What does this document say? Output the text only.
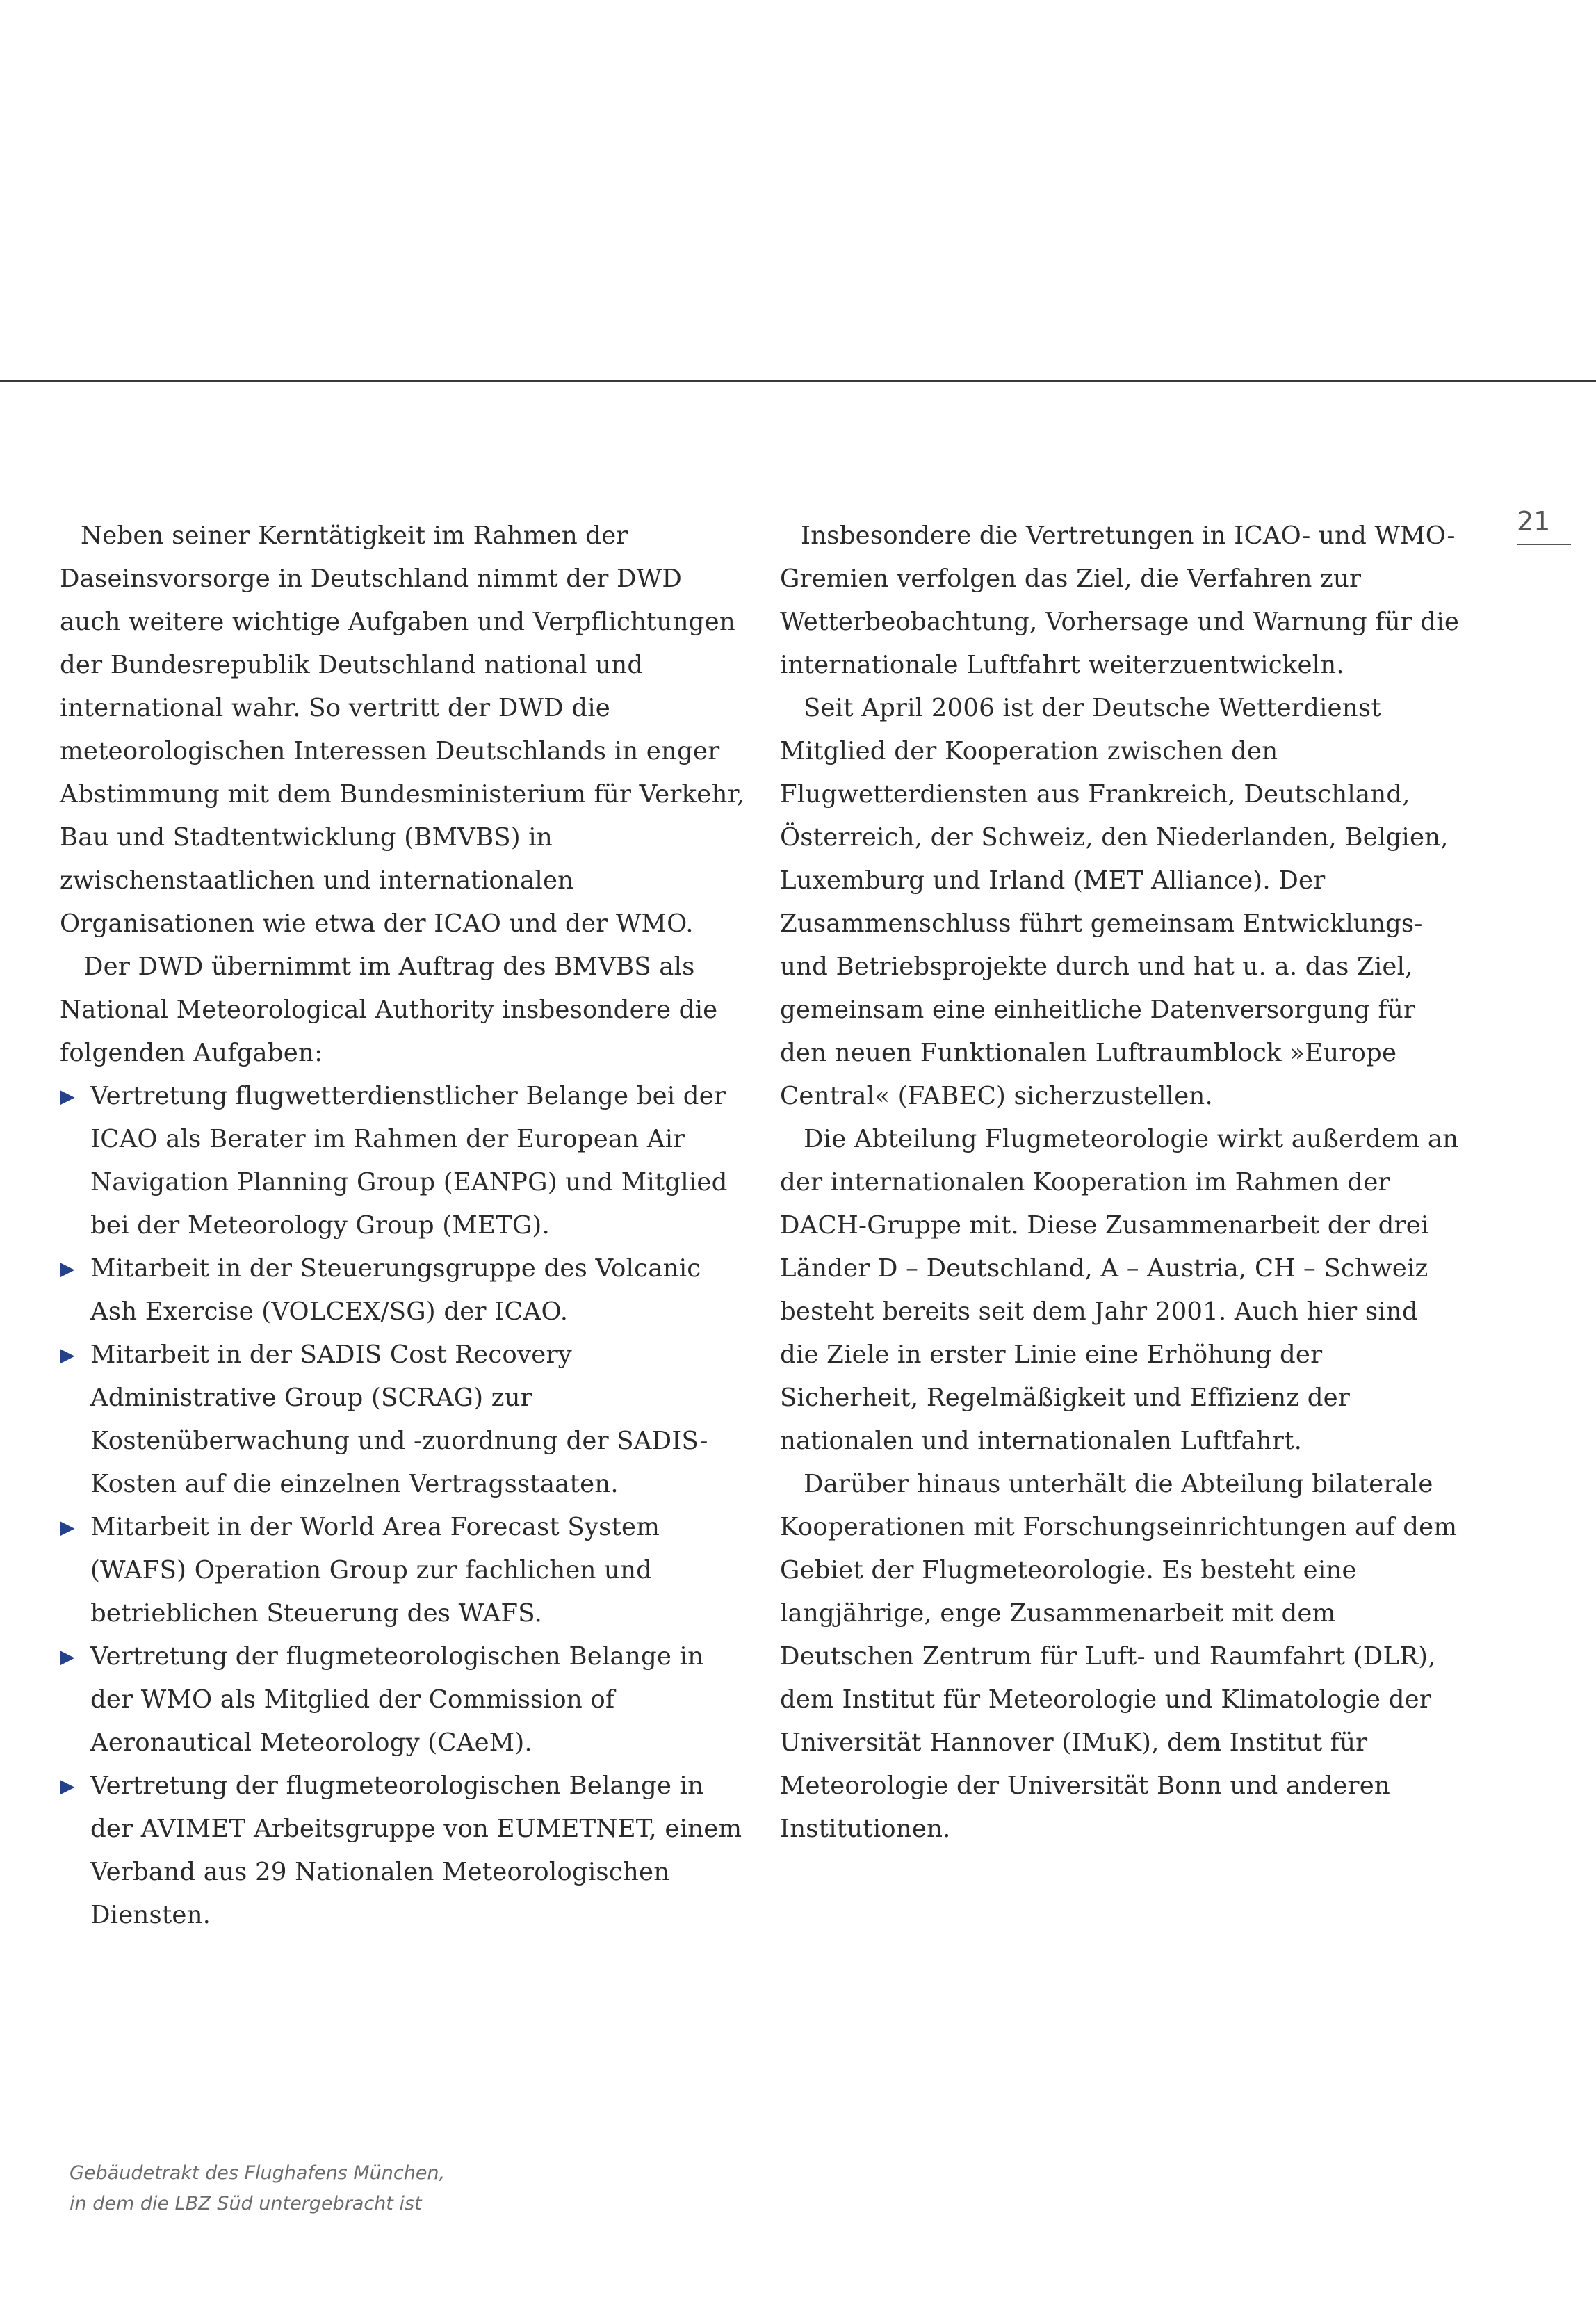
21

Neben seiner Kerntätigkeit im Rahmen der Daseinsvorsorge in Deutschland nimmt der DWD auch weitere wichtige Aufgaben und Verpflichtungen der Bundesrepublik Deutschland national und international wahr. So vertritt der DWD die meteorologischen Interessen Deutschlands in enger Abstimmung mit dem Bundesministerium für Verkehr, Bau und Stadtentwicklung (BMVBS) in zwischenstaatlichen und internationalen Organisationen wie etwa der ICAO und der WMO.

Der DWD übernimmt im Auftrag des BMVBS als National Meteorological Authority insbesondere die folgenden Aufgaben:

▶ Vertretung flugwetterdienstlicher Belange bei der ICAO als Berater im Rahmen der European Air Navigation Planning Group (EANPG) und Mitglied bei der Meteorology Group (METG).
▶ Mitarbeit in der Steuerungsgruppe des Volcanic Ash Exercise (VOLCEX/SG) der ICAO.
▶ Mitarbeit in der SADIS Cost Recovery Administrative Group (SCRAG) zur Kostenüberwachung und -zuordnung der SADIS-Kosten auf die einzelnen Vertragsstaaten.
▶ Mitarbeit in der World Area Forecast System (WAFS) Operation Group zur fachlichen und betrieblichen Steuerung des WAFS.
▶ Vertretung der flugmeteorologischen Belange in der WMO als Mitglied der Commission of Aeronautical Meteorology (CAeM).
▶ Vertretung der flugmeteorologischen Belange in der AVIMET Arbeitsgruppe von EUMETNET, einem Verband aus 29 Nationalen Meteorologischen Diensten.

Insbesondere die Vertretungen in ICAO- und WMO-Gremien verfolgen das Ziel, die Verfahren zur Wetterbeobachtung, Vorhersage und Warnung für die internationale Luftfahrt weiterzuentwickeln.

Seit April 2006 ist der Deutsche Wetterdienst Mitglied der Kooperation zwischen den Flugwetterdiensten aus Frankreich, Deutschland, Österreich, der Schweiz, den Niederlanden, Belgien, Luxemburg und Irland (MET Alliance). Der Zusammenschluss führt gemeinsam Entwicklungs- und Betriebsprojekte durch und hat u. a. das Ziel, gemeinsam eine einheitliche Datenversorgung für den neuen Funktionalen Luftraumblock »Europe Central« (FABEC) sicherzustellen.

Die Abteilung Flugmeteorologie wirkt außerdem an der internationalen Kooperation im Rahmen der DACH-Gruppe mit. Diese Zusammenarbeit der drei Länder D – Deutschland, A – Austria, CH – Schweiz besteht bereits seit dem Jahr 2001. Auch hier sind die Ziele in erster Linie eine Erhöhung der Sicherheit, Regelmäßigkeit und Effizienz der nationalen und internationalen Luftfahrt.

Darüber hinaus unterhält die Abteilung bilaterale Kooperationen mit Forschungseinrichtungen auf dem Gebiet der Flugmeteorologie. Es besteht eine langjährige, enge Zusammenarbeit mit dem Deutschen Zentrum für Luft- und Raumfahrt (DLR), dem Institut für Meteorologie und Klimatologie der Universität Hannover (IMuK), dem Institut für Meteorologie der Universität Bonn und anderen Institutionen.

Gebäudetrakt des Flughafens München,
in dem die LBZ Süd untergebracht ist
